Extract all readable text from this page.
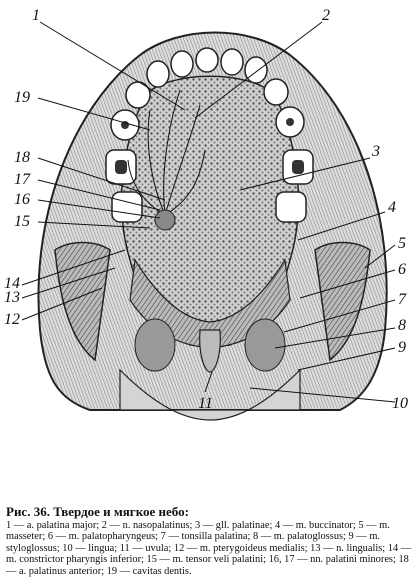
1	2
3
4
5
6
7
8
9
10
11
12
13
14
15
16
17
18
19

Рис. 36. Твердое и мягкое небо:
1 — a. palatina major; 2 — n. nasopalatinus; 3 — gll. palatinae; 4 — m. buccinator; 5 — m. masseter; 6 — m. palatopharyngeus; 7 — tonsilla palatina; 8 — m. palatoglossus; 9 — m. styloglossus; 10 — lingua; 11 — uvula; 12 — m. pterygoideus medialis; 13 — n. lingualis; 14 — m. constrictor pharyngis inferior; 15 — m. tensor veli palatini; 16, 17 — nn. palatini minores; 18 — a. palatinus anterior; 19 — cavitas dentis.
